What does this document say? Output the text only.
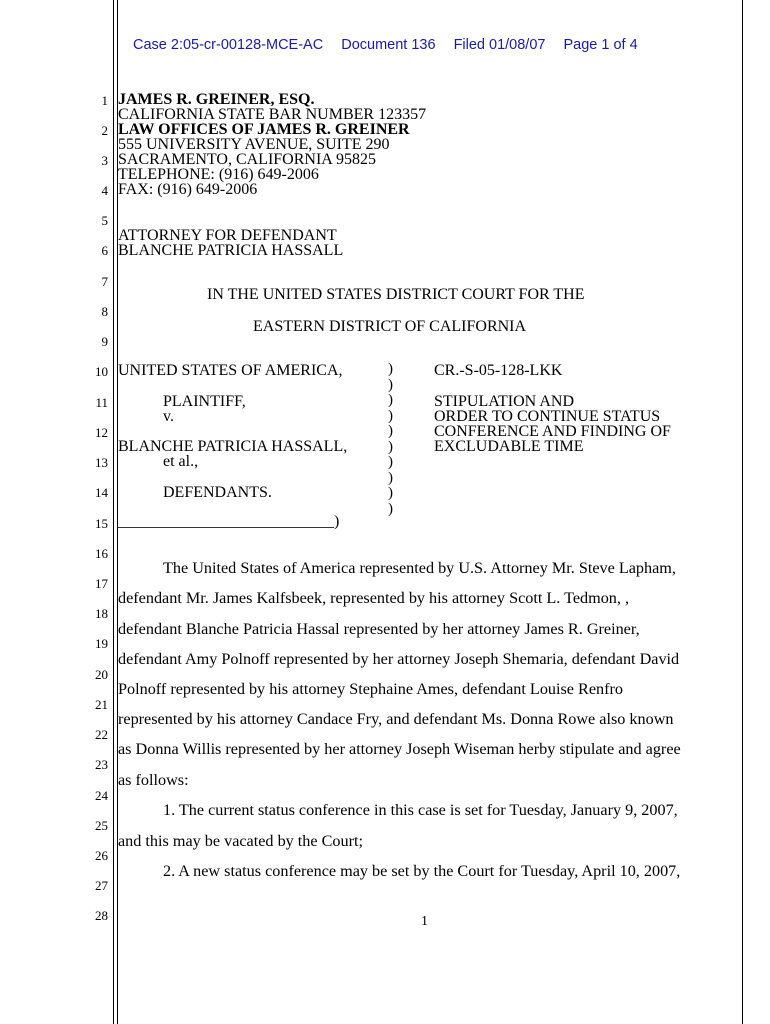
Case 2:05-cr-00128-MCE-AC Document 136 Filed 01/08/07 Page 1 of 4
1
2
3
4
5
6
7
8
9
10
11
12
13
14
15
16
17
18
19
20
21
22
23
24
25
26
27
28
JAMES R. GREINER, ESQ.
CALIFORNIA STATE BAR NUMBER 123357
LAW OFFICES OF JAMES R. GREINER
555 UNIVERSITY AVENUE, SUITE 290
SACRAMENTO, CALIFORNIA 95825
TELEPHONE: (916) 649-2006
FAX: (916) 649-2006
ATTORNEY FOR DEFENDANT
BLANCHE PATRICIA HASSALL
IN THE UNITED STATES DISTRICT COURT FOR THE
EASTERN DISTRICT OF CALIFORNIA
UNITED STATES OF AMERICA,
PLAINTIFF,
v.
BLANCHE PATRICIA HASSALL,
et al.,
DEFENDANTS.
___________________________)
)
)
)
)
)
)
)
)
)
)
CR.-S-05-128-LKK
STIPULATION AND
ORDER TO CONTINUE STATUS
CONFERENCE AND FINDING OF
EXCLUDABLE TIME
The United States of America represented by U.S. Attorney Mr. Steve Lapham,
defendant Mr. James Kalfsbeek, represented by his attorney Scott L. Tedmon, ,
defendant Blanche Patricia Hassal represented by her attorney James R. Greiner,
defendant Amy Polnoff represented by her attorney Joseph Shemaria, defendant David
Polnoff represented by his attorney Stephaine Ames, defendant Louise Renfro
represented by his attorney Candace Fry, and defendant Ms. Donna Rowe also known
as Donna Willis represented by her attorney Joseph Wiseman herby stipulate and agree
as follows:
1. The current status conference in this case is set for Tuesday, January 9, 2007,
and this may be vacated by the Court;
2. A new status conference may be set by the Court for Tuesday, April 10, 2007,
1
